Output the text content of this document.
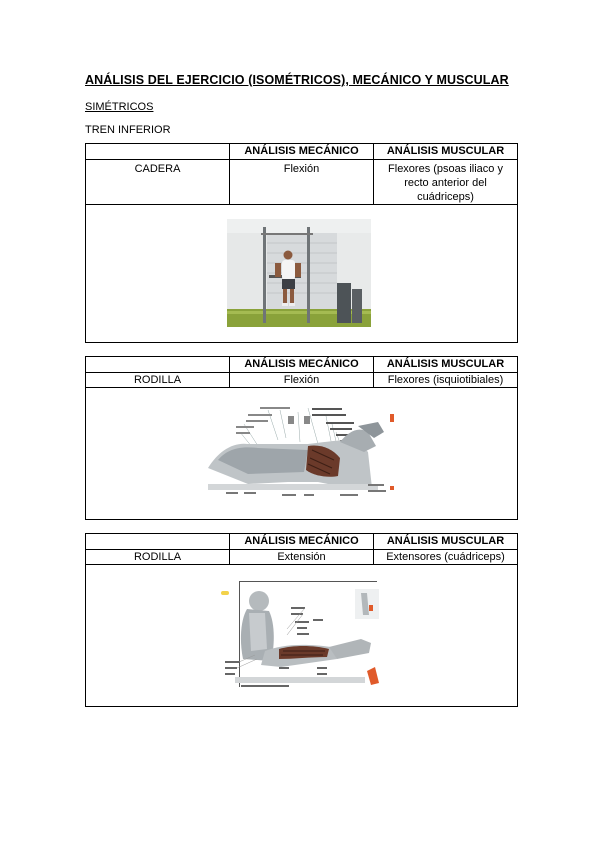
ANÁLISIS DEL EJERCICIO (ISOMÉTRICOS), MECÁNICO Y MUSCULAR
SIMÉTRICOS
TREN INFERIOR
	ANÁLISIS MECÁNICO	ANÁLISIS MUSCULAR
CADERA	Flexión	Flexores (psoas iliaco y recto anterior del cuádriceps)

	ANÁLISIS MECÁNICO	ANÁLISIS MUSCULAR
RODILLA	Flexión	Flexores (isquiotibiales)

	ANÁLISIS MECÁNICO	ANÁLISIS MUSCULAR
RODILLA	Extensión	Extensores (cuádriceps)
